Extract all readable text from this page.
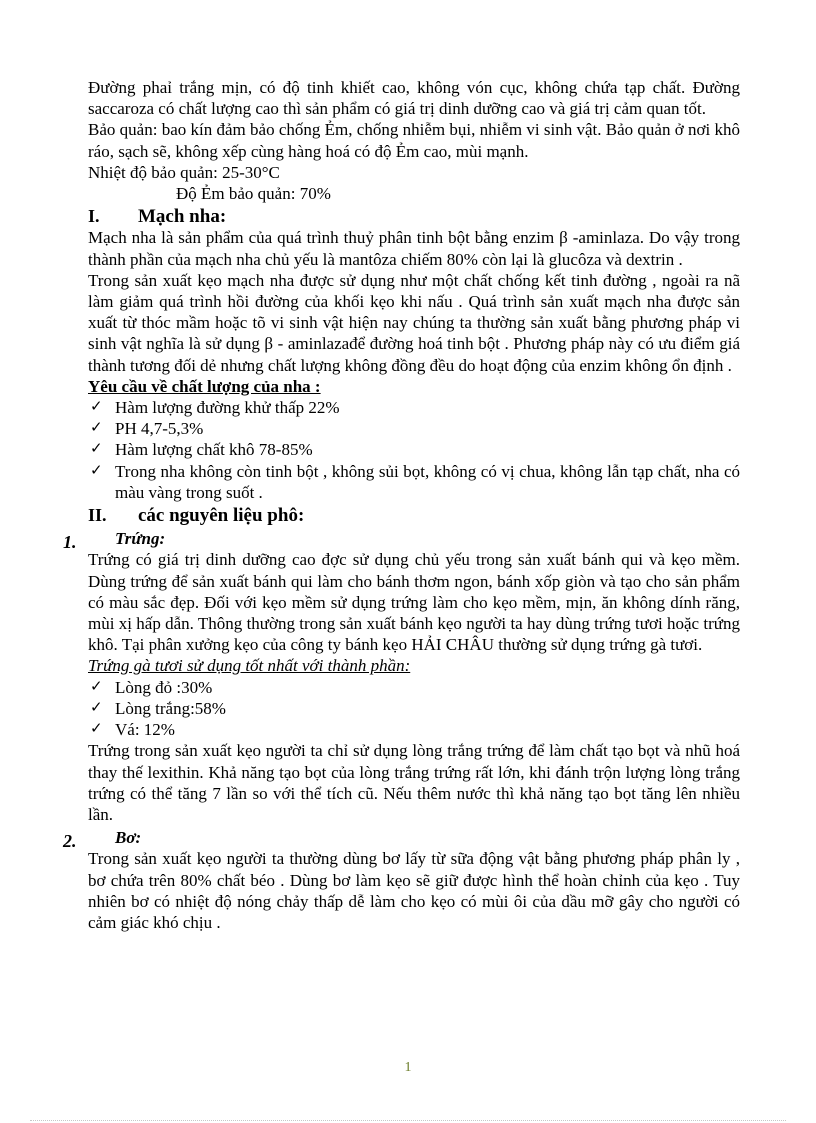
Đường phaỉ trắng mịn, có độ tinh khiết cao, không vón cục, không chứa tạp chất. Đường saccaroza có chất lượng cao thì sản phẩm có giá trị dinh dưỡng cao và giá trị cảm quan tốt.

Bảo quản: bao kín đảm bảo chống Ẻm, chống nhiễm bụi, nhiễm vi sinh vật. Bảo quản ở nơi khô ráo, sạch sẽ, không xếp cùng hàng hoá có độ Ẻm cao, mùi mạnh.

Nhiệt độ bảo quản: 25-30°C

Độ Ẻm bảo quản: 70%

I.	Mạch nha:

Mạch nha là sản phẩm của quá trình thuỷ phân tinh bột bằng enzim β -aminlaza. Do vậy trong thành phần của mạch nha chủ yếu là mantôza chiếm 80% còn lại là glucôza và dextrin .

Trong sản xuất kẹo mạch nha được sử dụng như một chất chống kết tinh đường , ngoài ra nã làm giảm quá trình hồi đường của khối kẹo khi nấu . Quá trình sản xuất mạch nha được sản xuất từ thóc mầm hoặc tõ vi sinh vật hiện nay chúng ta thường sản xuất bằng phương pháp vi sinh vật nghĩa là sử dụng β - aminlazađể đường hoá tinh bột . Phương pháp này có ưu điểm giá thành tương đối dẻ nhưng chất lượng không đồng đều do hoạt động của enzim không ổn định .

Yêu cầu về chất lượng của nha :

✓ Hàm lượng đường khử thấp 22%
✓ PH 4,7-5,3%
✓ Hàm lượng chất khô 78-85%
✓ Trong nha không còn tinh bột , không sủi bọt, không có vị chua, không lẫn tạp chất, nha có màu vàng trong suốt .
II.	các nguyên liệu phô:
1.	Trứng:

Trứng có giá trị dinh dưỡng cao đợc sử dụng chủ yếu trong sản xuất bánh qui và kẹo mềm. Dùng trứng để sản xuất bánh qui làm cho bánh thơm ngon, bánh xốp giòn và tạo cho sản phẩm có màu sắc đẹp. Đối với kẹo mềm sử dụng trứng làm cho kẹo mềm, mịn, ăn không dính răng, mùi xị hấp dẫn. Thông thường trong sản xuất bánh kẹo người ta hay dùng trứng tươi hoặc trứng khô. Tại phân xưởng kẹo của công ty bánh kẹo HẢI CHÂU thường sử dụng trứng gà tươi.

Trứng gà tươi sử dụng tốt nhất với thành phần:

✓ Lòng đỏ :30%
✓ Lòng trắng:58%
✓ Vá: 12%

Trứng trong sản xuất kẹo người ta chỉ sử dụng lòng trắng trứng để làm chất tạo bọt và nhũ hoá thay thế lexithin. Khả năng tạo bọt của lòng trắng trứng rất lớn, khi đánh trộn lượng lòng trắng trứng có thể tăng 7 lần so với thể tích cũ. Nếu thêm nước thì khả năng tạo bọt tăng lên nhiều lần.

2.	Bơ:

Trong sản xuất kẹo người ta thường dùng bơ lấy từ sữa động vật bằng phương pháp phân ly , bơ chứa trên 80% chất béo . Dùng bơ làm kẹo sẽ giữ được hình thể hoàn chỉnh của kẹo . Tuy nhiên bơ có nhiệt độ nóng chảy thấp dễ làm cho kẹo có mùi ôi của dầu mỡ gây cho người có cảm giác khó chịu .

1
